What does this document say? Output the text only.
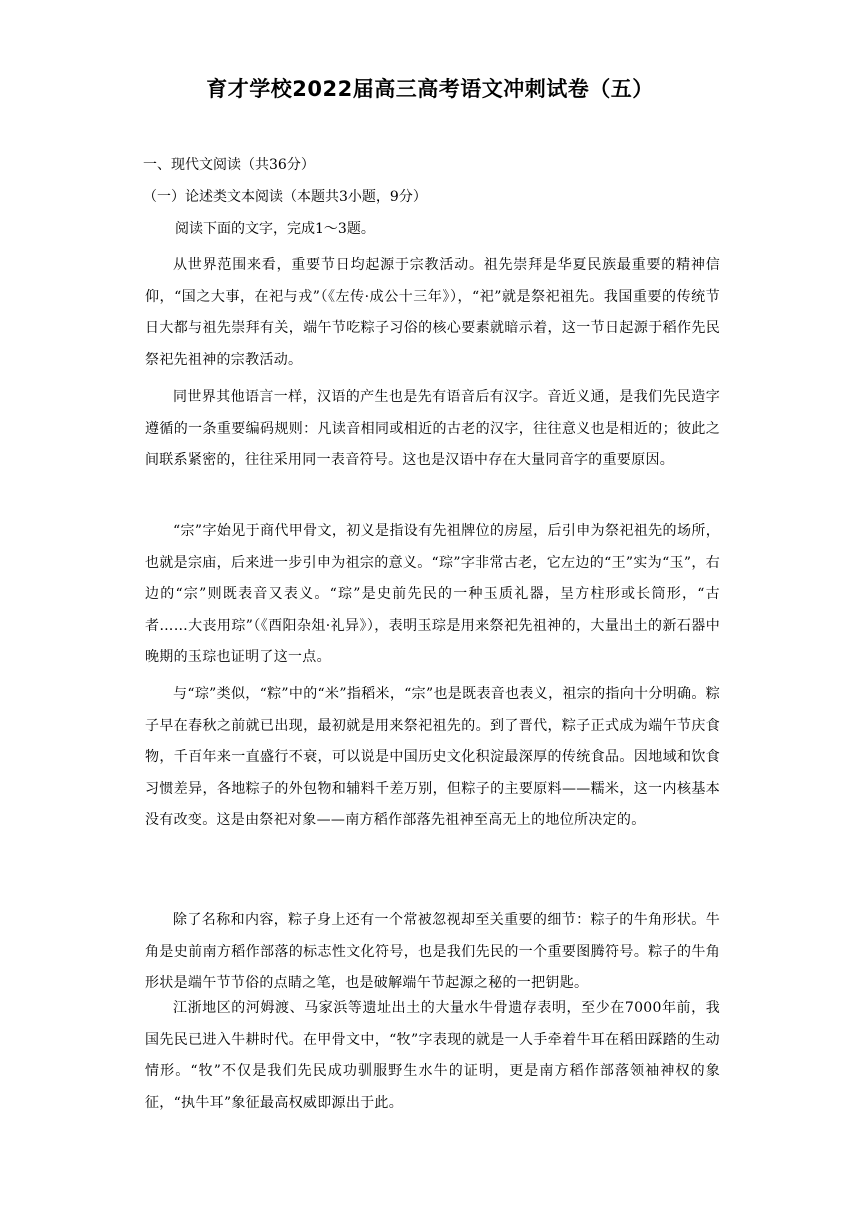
育才学校2022届高三高考语文冲刺试卷（五）
一、现代文阅读（共36分）
（一）论述类文本阅读（本题共3小题，9分）
阅读下面的文字，完成1～3题。
从世界范围来看，重要节日均起源于宗教活动。祖先崇拜是华夏民族最重要的精神信仰，“国之大事，在祀与戎”（《左传·成公十三年》），“祀”就是祭祀祖先。我国重要的传统节日大都与祖先崇拜有关，端午节吃粽子习俗的核心要素就暗示着，这一节日起源于稻作先民祭祀先祖神的宗教活动。
同世界其他语言一样，汉语的产生也是先有语音后有汉字。音近义通，是我们先民造字遵循的一条重要编码规则：凡读音相同或相近的古老的汉字，往往意义也是相近的；彼此之间联系紧密的，往往采用同一表音符号。这也是汉语中存在大量同音字的重要原因。
“宗”字始见于商代甲骨文，初义是指设有先祖牌位的房屋，后引申为祭祀祖先的场所，也就是宗庙，后来进一步引申为祖宗的意义。“琮”字非常古老，它左边的“王”实为“玉”，右边的“宗”则既表音又表义。“琮”是史前先民的一种玉质礼器，呈方柱形或长筒形，“古者……大丧用琮”（《酉阳杂俎·礼异》），表明玉琮是用来祭祀先祖神的，大量出土的新石器中晚期的玉琮也证明了这一点。
与“琮”类似，“粽”中的“米”指稻米，“宗”也是既表音也表义，祖宗的指向十分明确。粽子早在春秋之前就已出现，最初就是用来祭祀祖先的。到了晋代，粽子正式成为端午节庆食物，千百年来一直盛行不衰，可以说是中国历史文化积淀最深厚的传统食品。因地域和饮食习惯差异，各地粽子的外包物和辅料千差万别，但粽子的主要原料——糯米，这一内核基本没有改变。这是由祭祀对象——南方稻作部落先祖神至高无上的地位所决定的。
除了名称和内容，粽子身上还有一个常被忽视却至关重要的细节：粽子的牛角形状。牛角是史前南方稻作部落的标志性文化符号，也是我们先民的一个重要图腾符号。粽子的牛角形状是端午节节俗的点睛之笔，也是破解端午节起源之秘的一把钥匙。
江浙地区的河姆渡、马家浜等遗址出土的大量水牛骨遗存表明，至少在7000年前，我国先民已进入牛耕时代。在甲骨文中，“牧”字表现的就是一人手牵着牛耳在稻田踩踏的生动情形。“牧”不仅是我们先民成功驯服野生水牛的证明，更是南方稻作部落领袖神权的象征，“执牛耳”象征最高权威即源出于此。
